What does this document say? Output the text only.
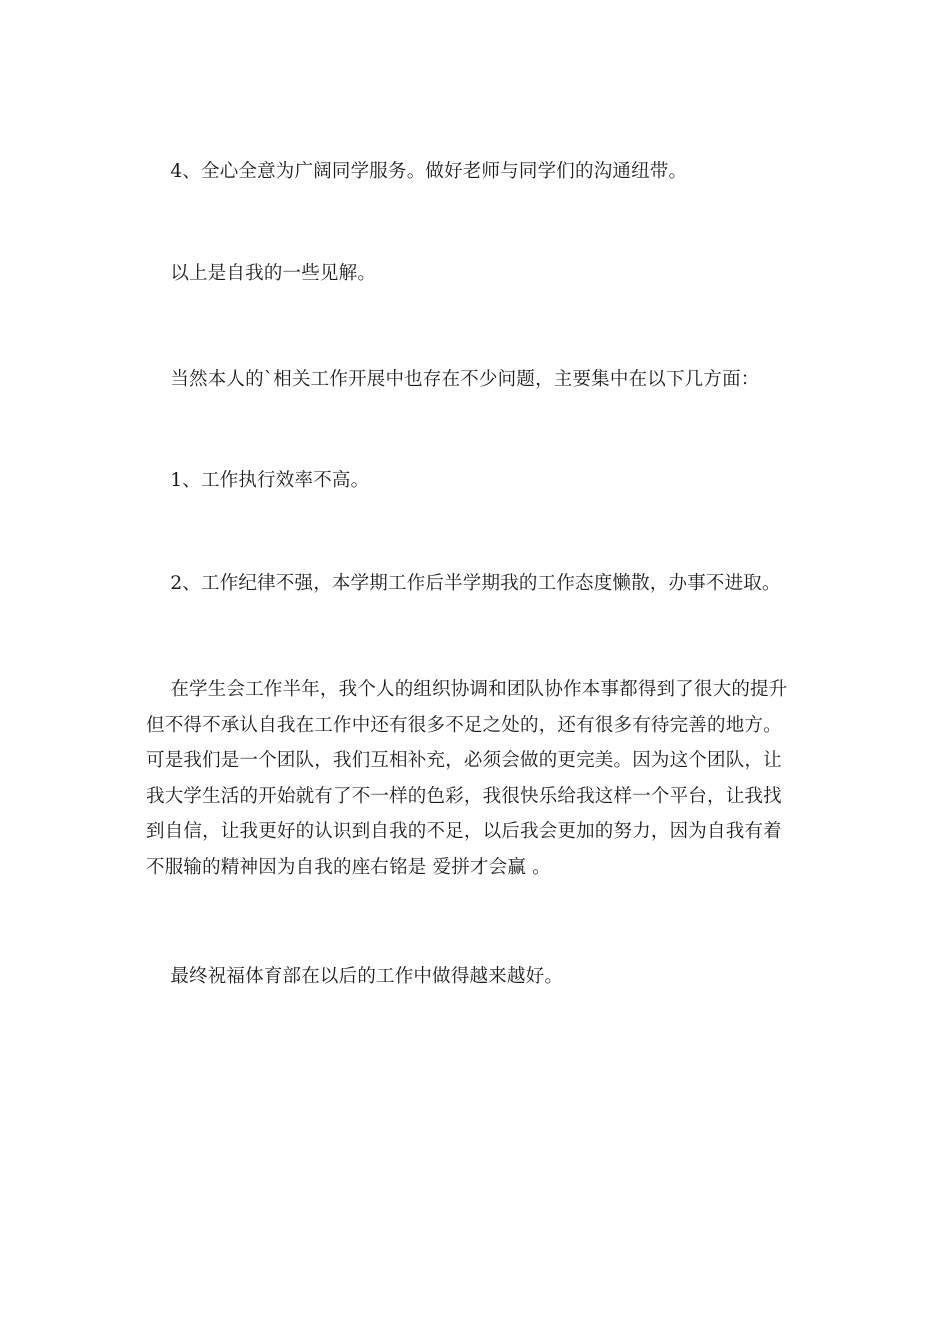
4、全心全意为广阔同学服务。做好老师与同学们的沟通纽带。
以上是自我的一些见解。
当然本人的`相关工作开展中也存在不少问题，主要集中在以下几方面：
1、工作执行效率不高。
2、工作纪律不强，本学期工作后半学期我的工作态度懒散，办事不进取。
在学生会工作半年，我个人的组织协调和团队协作本事都得到了很大的提升
但不得不承认自我在工作中还有很多不足之处的，还有很多有待完善的地方。
可是我们是一个团队，我们互相补充，必须会做的更完美。因为这个团队，让
我大学生活的开始就有了不一样的色彩，我很快乐给我这样一个平台，让我找
到自信，让我更好的认识到自我的不足，以后我会更加的努力，因为自我有着
不服输的精神因为自我的座右铭是 爱拼才会赢 。
最终祝福体育部在以后的工作中做得越来越好。
